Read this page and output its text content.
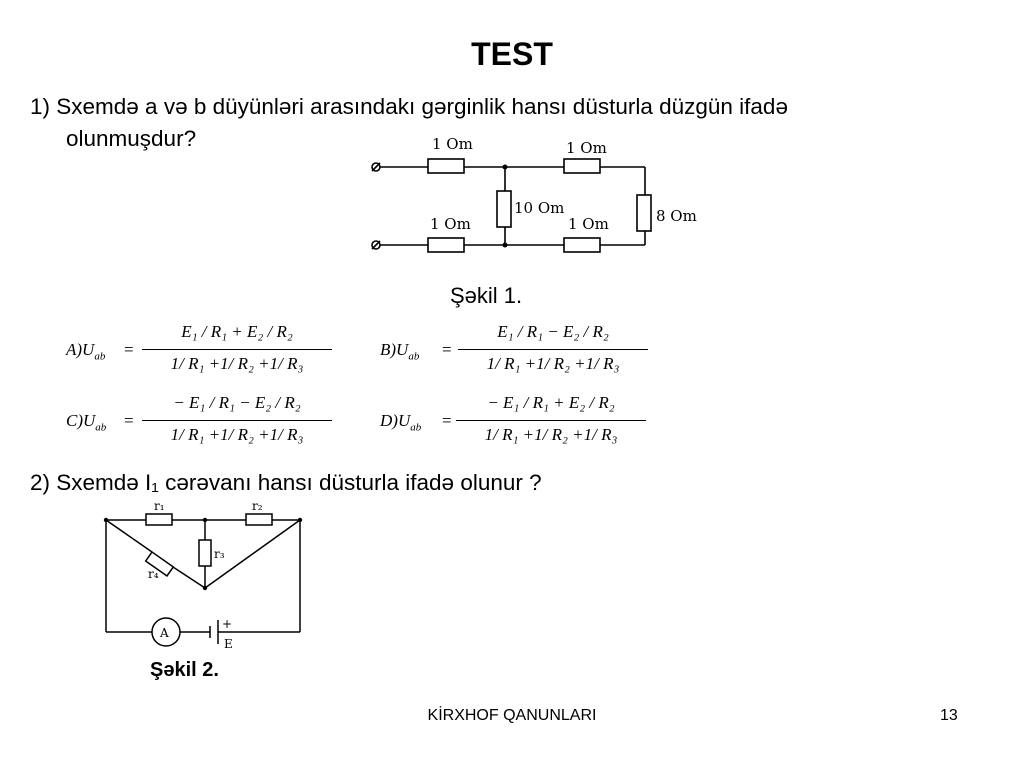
TEST
1) Sxemdə a və b düyünləri arasındakı gərginlik hansı düsturla düzgün ifadə
olunmuşdur?	1 Om	1 Om
10 Om	8 Om
1 Om	1 Om
Şəkil 1.
$A)U_{ab}$ =
E₁ / R₁ + E₂ / R₂
1/ R₁ +1/ R₂ +1/ R₃
$B)U_{ab}$ =
E₁ / R₁ − E₂ / R₂
1/ R₁ +1/ R₂ +1/ R₃
$C)U_{ab}$ =
− E₁ / R₁ − E₂ / R₂
1/ R₁ +1/ R₂ +1/ R₃
$D)U_{ab}$ =
− E₁ / R₁ + E₂ / R₂
1/ R₁ +1/ R₂ +1/ R₃
2) Sxemdə I₁ cərəvanı hansı düsturla ifadə olunur ?
r₁	r₂
r₃
r₄
A
+
E
Şəkil 2.
KİRXHOF QANUNLARI	13
